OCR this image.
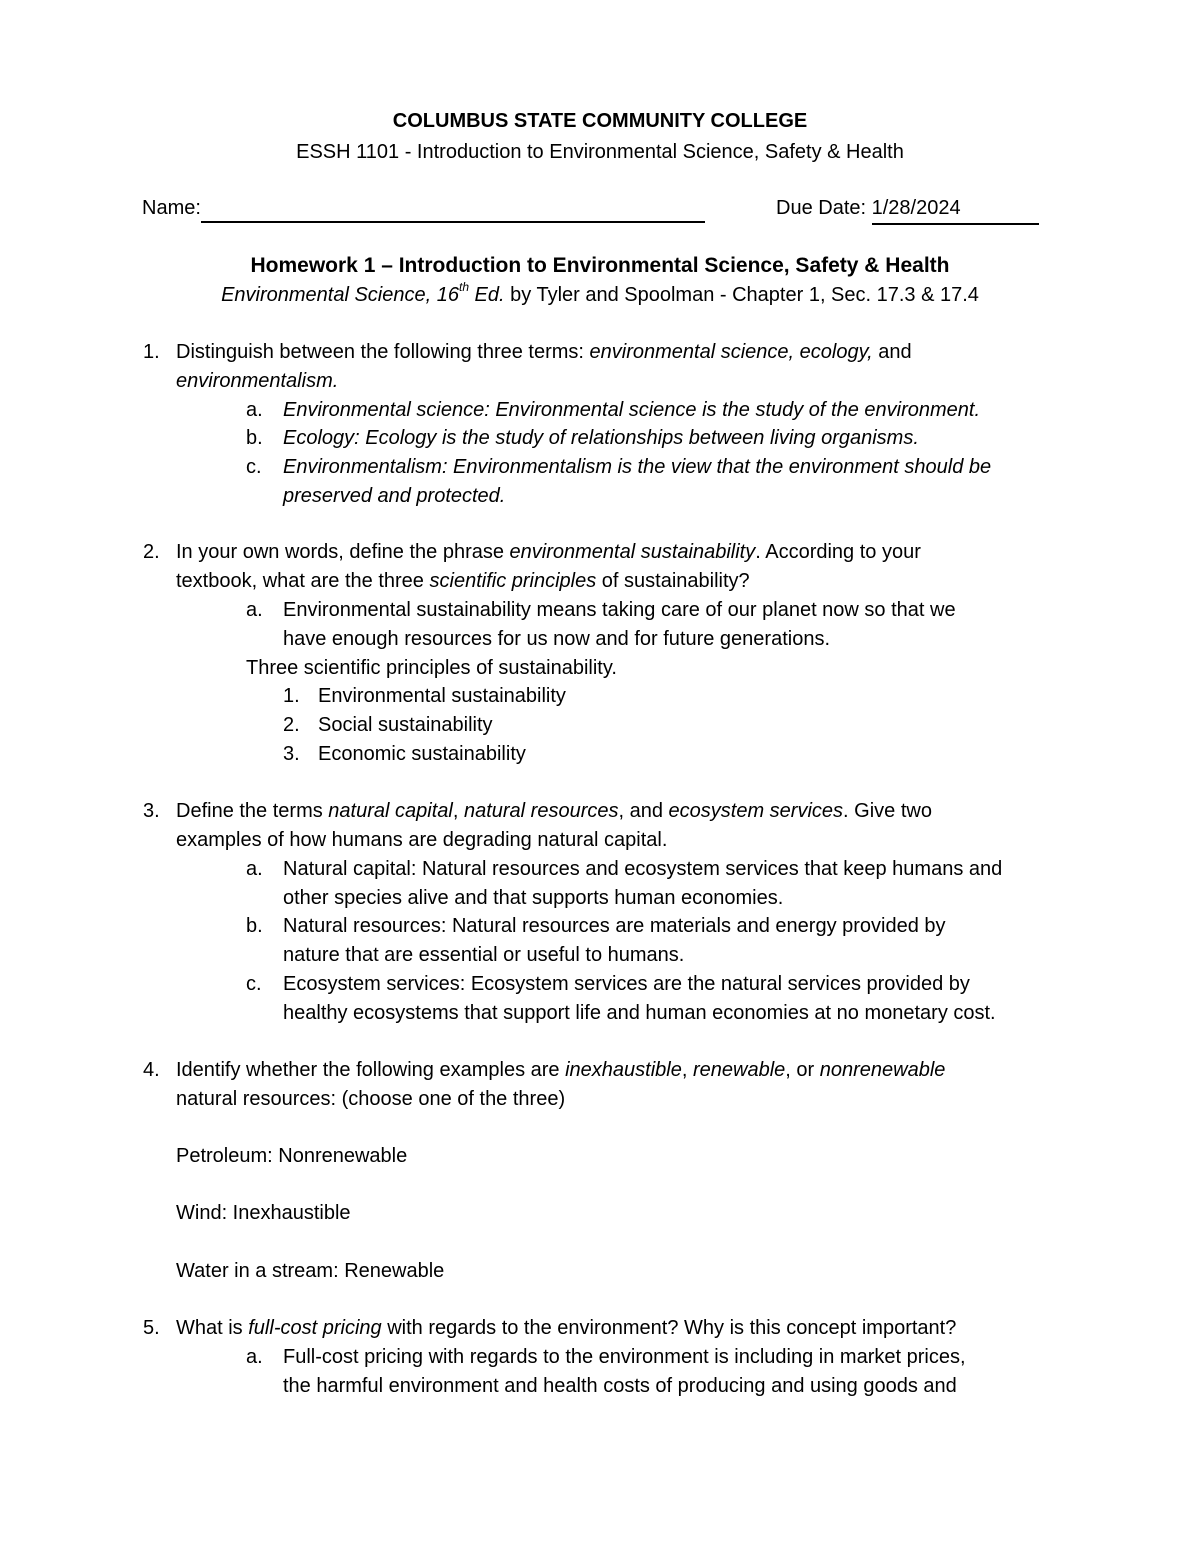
COLUMBUS STATE COMMUNITY COLLEGE
ESSH 1101 - Introduction to Environmental Science, Safety & Health
Name:	Due Date: 1/28/2024
Homework 1 – Introduction to Environmental Science, Safety & Health
Environmental Science, 16th Ed. by Tyler and Spoolman - Chapter 1, Sec. 17.3 & 17.4
1. Distinguish between the following three terms: environmental science, ecology, and
environmentalism.
a.	Environmental science: Environmental science is the study of the environment.
b.	Ecology: Ecology is the study of relationships between living organisms.
c.	Environmentalism: Environmentalism is the view that the environment should be
preserved and protected.
2. In your own words, define the phrase environmental sustainability. According to your
textbook, what are the three scientific principles of sustainability?
a.	Environmental sustainability means taking care of our planet now so that we
have enough resources for us now and for future generations.
Three scientific principles of sustainability.
1. Environmental sustainability
2. Social sustainability
3. Economic sustainability
3. Define the terms natural capital, natural resources, and ecosystem services. Give two
examples of how humans are degrading natural capital.
a.	Natural capital: Natural resources and ecosystem services that keep humans and
other species alive and that supports human economies.
b.	Natural resources: Natural resources are materials and energy provided by
nature that are essential or useful to humans.
c.	Ecosystem services: Ecosystem services are the natural services provided by
healthy ecosystems that support life and human economies at no monetary cost.
4. Identify whether the following examples are inexhaustible, renewable, or nonrenewable
natural resources: (choose one of the three)
Petroleum: Nonrenewable
Wind: Inexhaustible
Water in a stream: Renewable
5. What is full-cost pricing with regards to the environment? Why is this concept important?
a.	Full-cost pricing with regards to the environment is including in market prices,
the harmful environment and health costs of producing and using goods and
